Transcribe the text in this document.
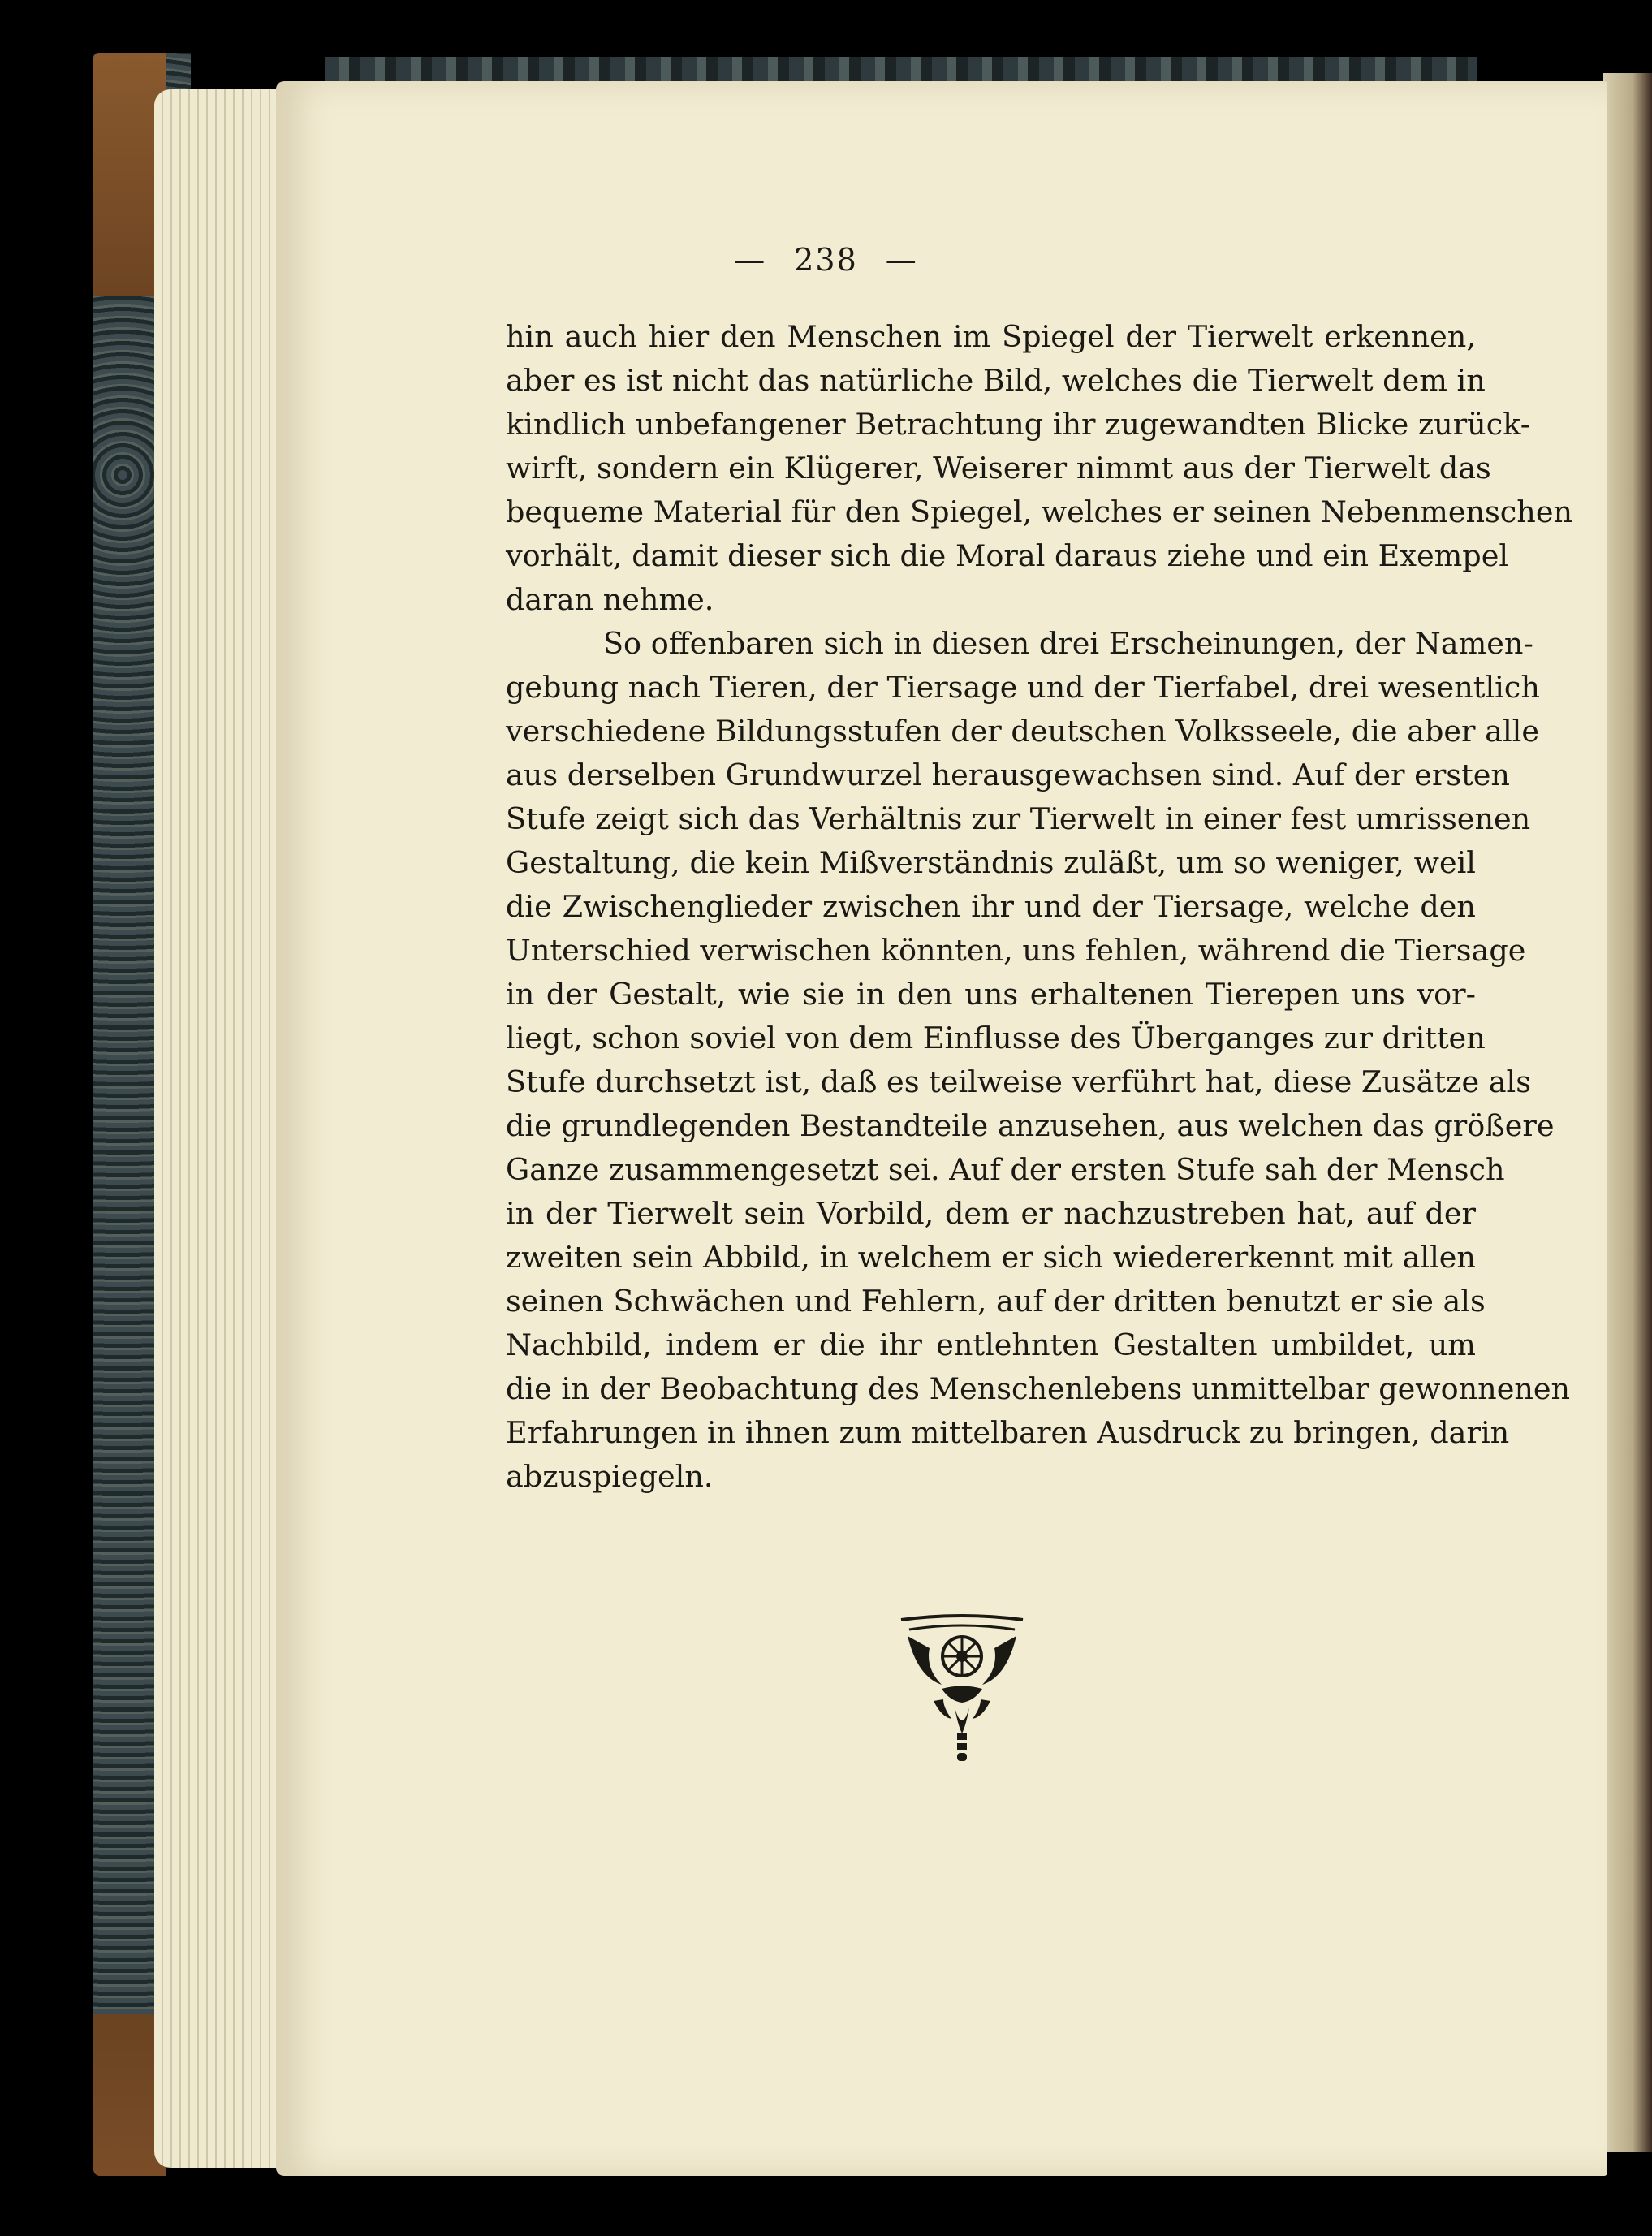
— 238 —
hin auch hier den Menschen im Spiegel der Tierwelt erkennen,
aber es ist nicht das natürliche Bild, welches die Tierwelt dem in
kindlich unbefangener Betrachtung ihr zugewandten Blicke zurück-
wirft, sondern ein Klügerer, Weiserer nimmt aus der Tierwelt das
bequeme Material für den Spiegel, welches er seinen Nebenmenschen
vorhält, damit dieser sich die Moral daraus ziehe und ein Exempel
daran nehme.
So offenbaren sich in diesen drei Erscheinungen, der Namen-
gebung nach Tieren, der Tiersage und der Tierfabel, drei wesentlich
verschiedene Bildungsstufen der deutschen Volksseele, die aber alle
aus derselben Grundwurzel herausgewachsen sind. Auf der ersten
Stufe zeigt sich das Verhältnis zur Tierwelt in einer fest umrissenen
Gestaltung, die kein Mißverständnis zuläßt, um so weniger, weil
die Zwischenglieder zwischen ihr und der Tiersage, welche den
Unterschied verwischen könnten, uns fehlen, während die Tiersage
in der Gestalt, wie sie in den uns erhaltenen Tierepen uns vor-
liegt, schon soviel von dem Einflusse des Überganges zur dritten
Stufe durchsetzt ist, daß es teilweise verführt hat, diese Zusätze als
die grundlegenden Bestandteile anzusehen, aus welchen das größere
Ganze zusammengesetzt sei. Auf der ersten Stufe sah der Mensch
in der Tierwelt sein Vorbild, dem er nachzustreben hat, auf der
zweiten sein Abbild, in welchem er sich wiedererkennt mit allen
seinen Schwächen und Fehlern, auf der dritten benutzt er sie als
Nachbild, indem er die ihr entlehnten Gestalten umbildet, um
die in der Beobachtung des Menschenlebens unmittelbar gewonnenen
Erfahrungen in ihnen zum mittelbaren Ausdruck zu bringen, darin
abzuspiegeln.
